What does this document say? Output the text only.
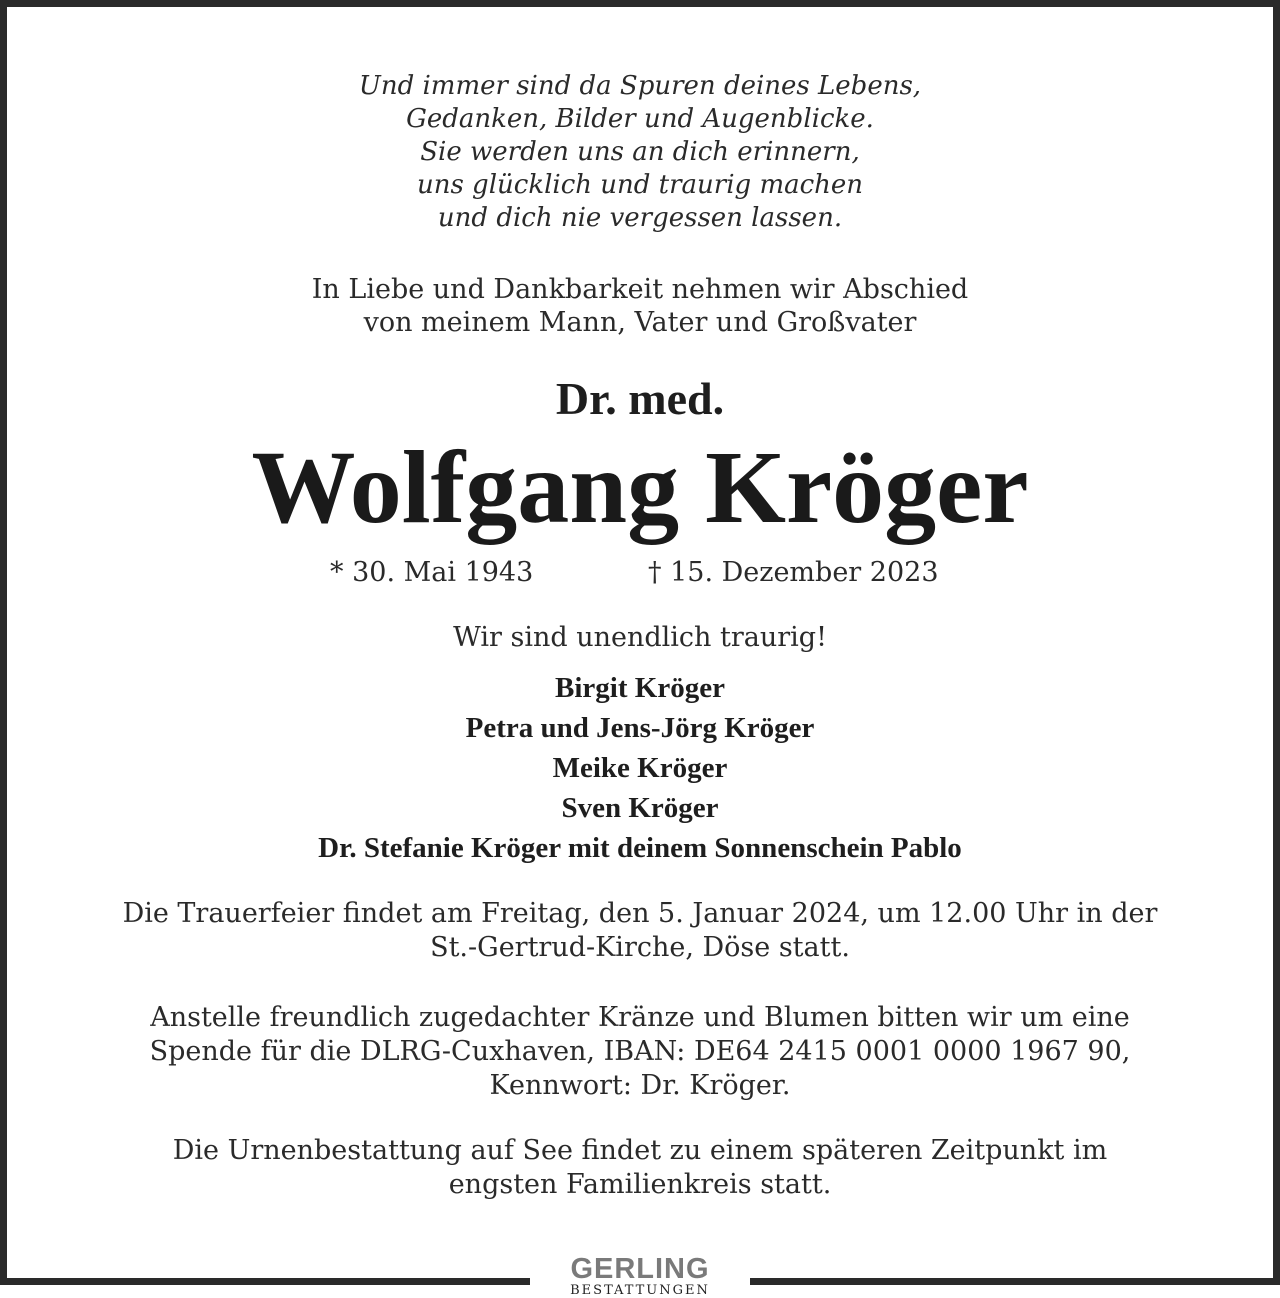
Und immer sind da Spuren deines Lebens,
Gedanken, Bilder und Augenblicke.
Sie werden uns an dich erinnern,
uns glücklich und traurig machen
und dich nie vergessen lassen.
In Liebe und Dankbarkeit nehmen wir Abschied
von meinem Mann, Vater und Großvater
Dr. med.
Wolfgang Kröger
* 30. Mai 1943	† 15. Dezember 2023
Wir sind unendlich traurig!
Birgit Kröger
Petra und Jens-Jörg Kröger
Meike Kröger
Sven Kröger
Dr. Stefanie Kröger mit deinem Sonnenschein Pablo
Die Trauerfeier findet am Freitag, den 5. Januar 2024, um 12.00 Uhr in der
St.-Gertrud-Kirche, Döse statt.
Anstelle freundlich zugedachter Kränze und Blumen bitten wir um eine
Spende für die DLRG-Cuxhaven, IBAN: DE64 2415 0001 0000 1967 90,
Kennwort: Dr. Kröger.
Die Urnenbestattung auf See findet zu einem späteren Zeitpunkt im
engsten Familienkreis statt.
GERLING
BESTATTUNGEN
